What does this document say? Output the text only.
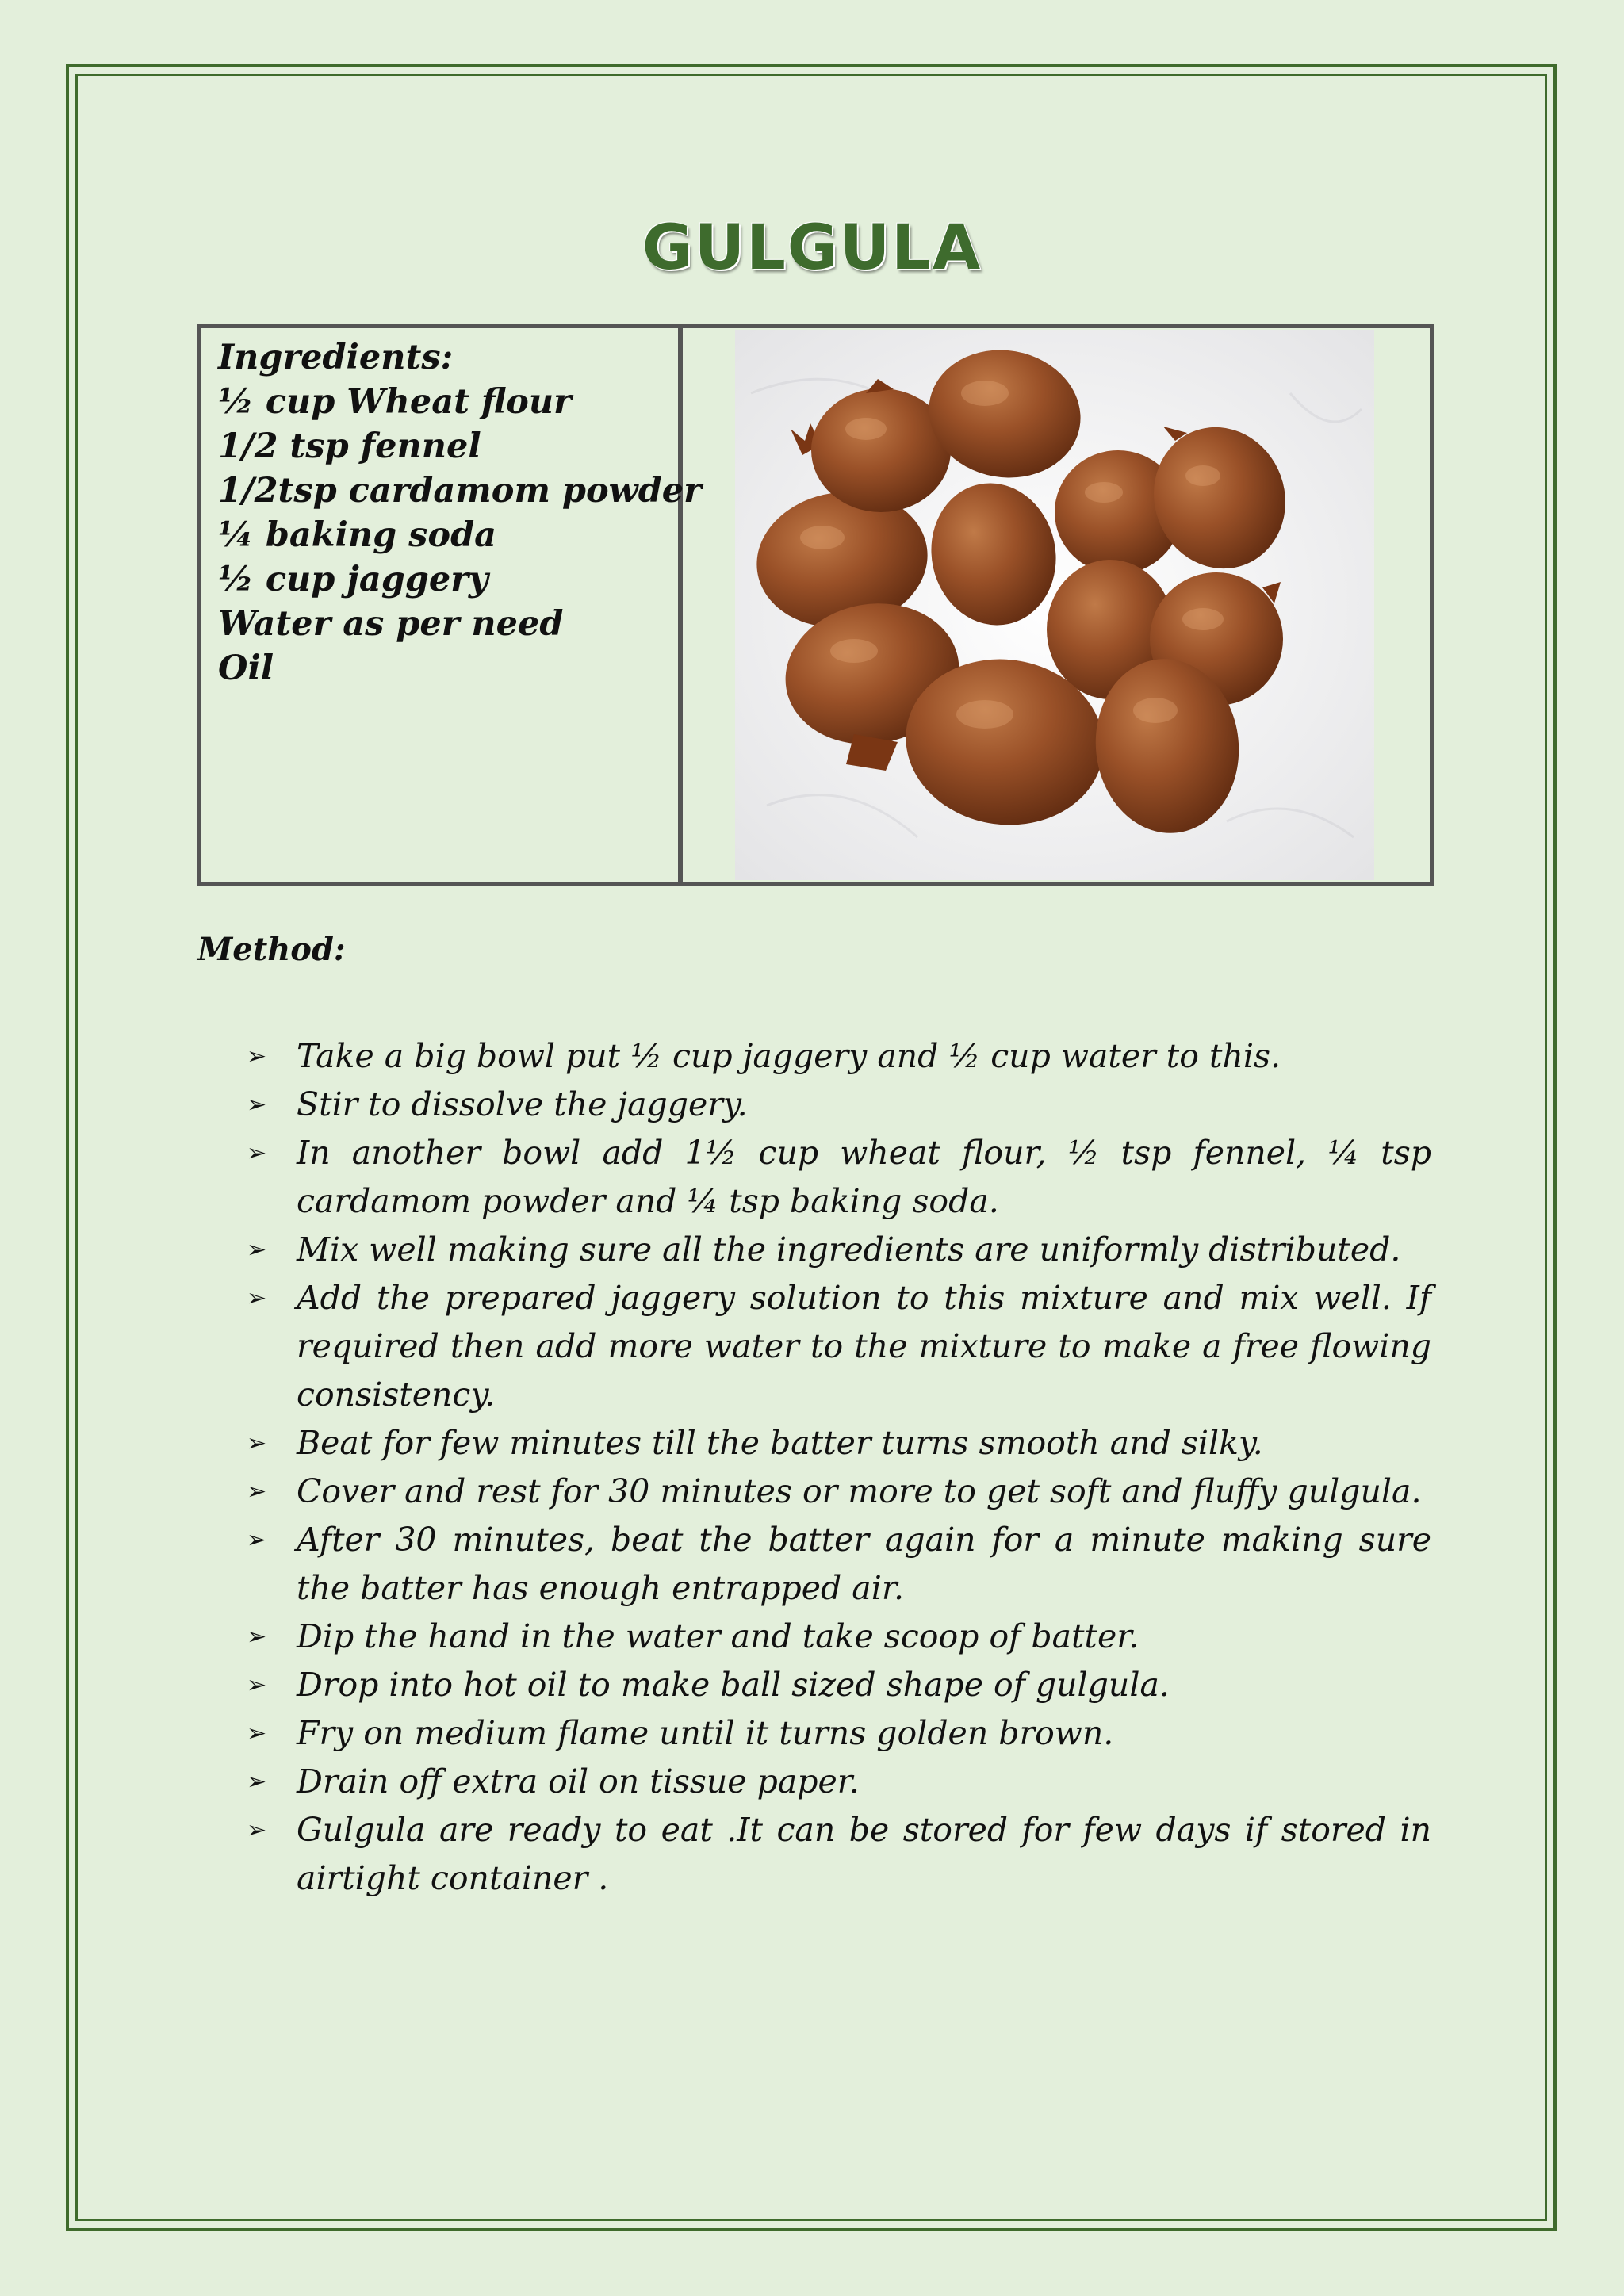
GULGULA
Ingredients:
½ cup Wheat flour
1/2 tsp fennel
1/2tsp cardamom powder
¼ baking soda
½ cup jaggery
Water as per need
Oil
Method:
➢ Take a big bowl put ½ cup jaggery and ½ cup water to this.
➢ Stir to dissolve the jaggery.
➢ In another bowl add 1½ cup wheat flour, ½ tsp fennel, ¼ tsp cardamom powder and ¼ tsp baking soda.
➢ Mix well making sure all the ingredients are uniformly distributed.
➢ Add the prepared jaggery solution to this mixture and mix well. If required then add more water to the mixture to make a free flowing consistency.
➢ Beat for few minutes till the batter turns smooth and silky.
➢ Cover and rest for 30 minutes or more to get soft and fluffy gulgula.
➢ After 30 minutes, beat the batter again for a minute making sure the batter has enough entrapped air.
➢ Dip the hand in the water and take scoop of batter.
➢ Drop into hot oil to make ball sized shape of gulgula.
➢ Fry on medium flame until it turns golden brown.
➢ Drain off extra oil on tissue paper.
➢ Gulgula are ready to eat .It can be stored for few days if stored in airtight container .
